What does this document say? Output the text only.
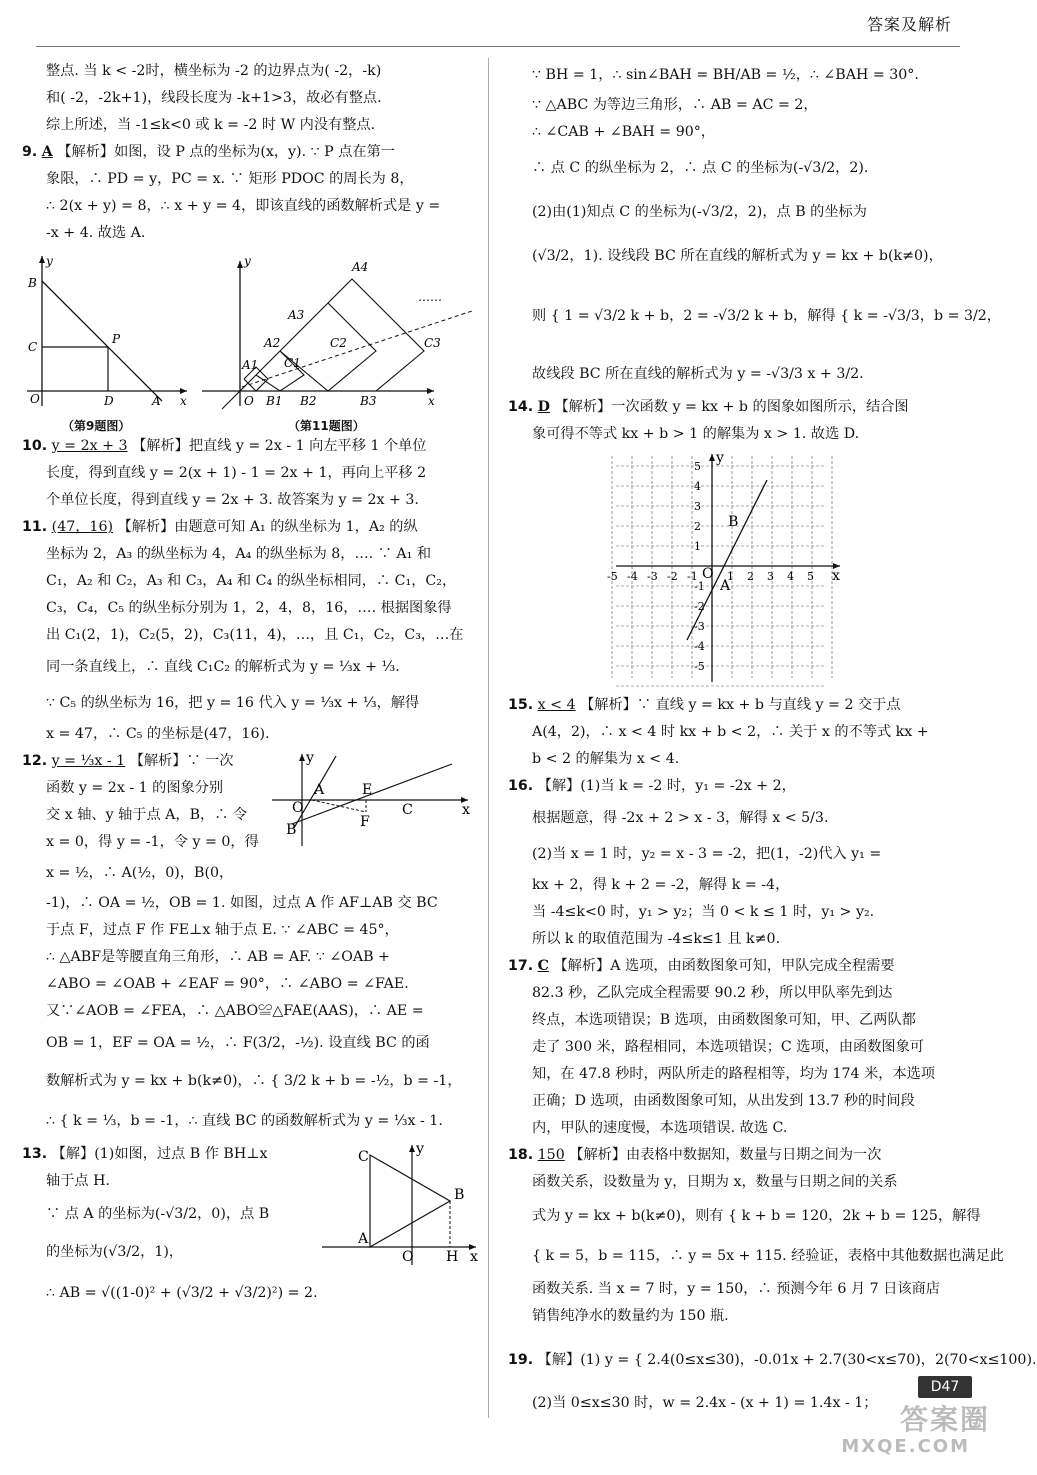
答案及解析
整点. 当 k < -2时，横坐标为 -2 的边界点为( -2，-k)
和( -2，-2k+1)，线段长度为 -k+1>3，故必有整点.
综上所述，当 -1≤k<0 或 k = -2 时 W 内没有整点.
9. A 【解析】如图，设 P 点的坐标为(x，y). ∵ P 点在第一
象限，∴ PD = y，PC = x. ∵ 矩形 PDOC 的周长为 8，
∴ 2(x + y) = 8，∴ x + y = 4，即该直线的函数解析式是 y =
-x + 4. 故选 A.
y
B
C
P
O	D	A x
y	A4
A3
A2
A1 C1
C2	C3
O B1 B2	B3	x
……
（第9题图）	（第11题图）
10. y = 2x + 3 【解析】把直线 y = 2x - 1 向左平移 1 个单位
长度，得到直线 y = 2(x + 1) - 1 = 2x + 1，再向上平移 2
个单位长度，得到直线 y = 2x + 3. 故答案为 y = 2x + 3.
11. (47，16) 【解析】由题意可知 A₁ 的纵坐标为 1，A₂ 的纵
坐标为 2，A₃ 的纵坐标为 4，A₄ 的纵坐标为 8，…. ∵ A₁ 和
C₁，A₂ 和 C₂，A₃ 和 C₃，A₄ 和 C₄ 的纵坐标相同，∴ C₁，C₂，
C₃，C₄，C₅ 的纵坐标分别为 1，2，4，8，16，…. 根据图象得
出 C₁(2，1)，C₂(5，2)，C₃(11，4)，…，且 C₁，C₂，C₃，…在
同一条直线上，∴ 直线 C₁C₂ 的解析式为 y = ⅓x + ⅓.
∵ C₅ 的纵坐标为 16，把 y = 16 代入 y = ⅓x + ⅓，解得
x = 47，∴ C₅ 的坐标是(47，16).
y
A	E
O	C	x
B	F
12. y = ⅓x - 1 【解析】∵ 一次
函数 y = 2x - 1 的图象分别
交 x 轴、y 轴于点 A，B，∴ 令
x = 0，得 y = -1，令 y = 0，得
x = ½，∴ A(½，0)，B(0，
-1)，∴ OA = ½，OB = 1. 如图，过点 A 作 AF⊥AB 交 BC
于点 F，过点 F 作 FE⊥x 轴于点 E. ∵ ∠ABC = 45°，
∴ △ABF是等腰直角三角形，∴ AB = AF. ∵ ∠OAB +
∠ABO = ∠OAB + ∠EAF = 90°，∴ ∠ABO = ∠FAE.
又∵∠AOB = ∠FEA，∴ △ABO≌△FAE(AAS)，∴ AE =
OB = 1，EF = OA = ½，∴ F(3/2，-½). 设直线 BC 的函
数解析式为 y = kx + b(k≠0)，∴ { 3/2 k + b = -½，b = -1，
∴ { k = ⅓，b = -1，∴ 直线 BC 的函数解析式为 y = ⅓x - 1.
C	y
B
A
O H x
13. 【解】(1)如图，过点 B 作 BH⊥x
轴于点 H.
∵ 点 A 的坐标为(-√3/2，0)，点 B
的坐标为(√3/2，1)，
∴ AB = √((1-0)² + (√3/2 + √3/2)²) = 2.
∵ BH = 1，∴ sin∠BAH = BH/AB = ½，∴ ∠BAH = 30°.
∵ △ABC 为等边三角形，∴ AB = AC = 2，
∴ ∠CAB + ∠BAH = 90°，
∴ 点 C 的纵坐标为 2，∴ 点 C 的坐标为(-√3/2，2).
(2)由(1)知点 C 的坐标为(-√3/2，2)，点 B 的坐标为
(√3/2，1). 设线段 BC 所在直线的解析式为 y = kx + b(k≠0)，
则 { 1 = √3/2 k + b，2 = -√3/2 k + b，解得 { k = -√3/3，b = 3/2，
故线段 BC 所在直线的解析式为 y = -√3/3 x + 3/2.
14. D 【解析】一次函数 y = kx + b 的图象如图所示，结合图
象可得不等式 kx + b > 1 的解集为 x > 1. 故选 D.
-5 -4 -3 -2 -1	1 2 3 4 5
5
4
3
2
1
-1
-2
-3
-4
-5
y
x
O
B
A
15. x < 4 【解析】∵ 直线 y = kx + b 与直线 y = 2 交于点
A(4，2)，∴ x < 4 时 kx + b < 2，∴ 关于 x 的不等式 kx +
b < 2 的解集为 x < 4.
16. 【解】(1)当 k = -2 时，y₁ = -2x + 2，
根据题意，得 -2x + 2 > x - 3，解得 x < 5/3.
(2)当 x = 1 时，y₂ = x - 3 = -2，把(1，-2)代入 y₁ =
kx + 2，得 k + 2 = -2，解得 k = -4，
当 -4≤k<0 时，y₁ > y₂；当 0 < k ≤ 1 时，y₁ > y₂.
所以 k 的取值范围为 -4≤k≤1 且 k≠0.
17. C 【解析】A 选项，由函数图象可知，甲队完成全程需要
82.3 秒，乙队完成全程需要 90.2 秒，所以甲队率先到达
终点，本选项错误；B 选项，由函数图象可知，甲、乙两队都
走了 300 米，路程相同，本选项错误；C 选项，由函数图象可
知，在 47.8 秒时，两队所走的路程相等，均为 174 米，本选项
正确；D 选项，由函数图象可知，从出发到 13.7 秒的时间段
内，甲队的速度慢，本选项错误. 故选 C.
18. 150 【解析】由表格中数据知，数量与日期之间为一次
函数关系，设数量为 y，日期为 x，数量与日期之间的关系
式为 y = kx + b(k≠0)，则有 { k + b = 120，2k + b = 125，解得
{ k = 5，b = 115，∴ y = 5x + 115. 经验证，表格中其他数据也满足此
函数关系. 当 x = 7 时，y = 150，∴ 预测今年 6 月 7 日该商店
销售纯净水的数量约为 150 瓶.
19. 【解】(1) y = { 2.4(0≤x≤30)，-0.01x + 2.7(30<x≤70)，2(70<x≤100).
(2)当 0≤x≤30 时，w = 2.4x - (x + 1) = 1.4x - 1；
D47
答案圈
MXQE.COM
